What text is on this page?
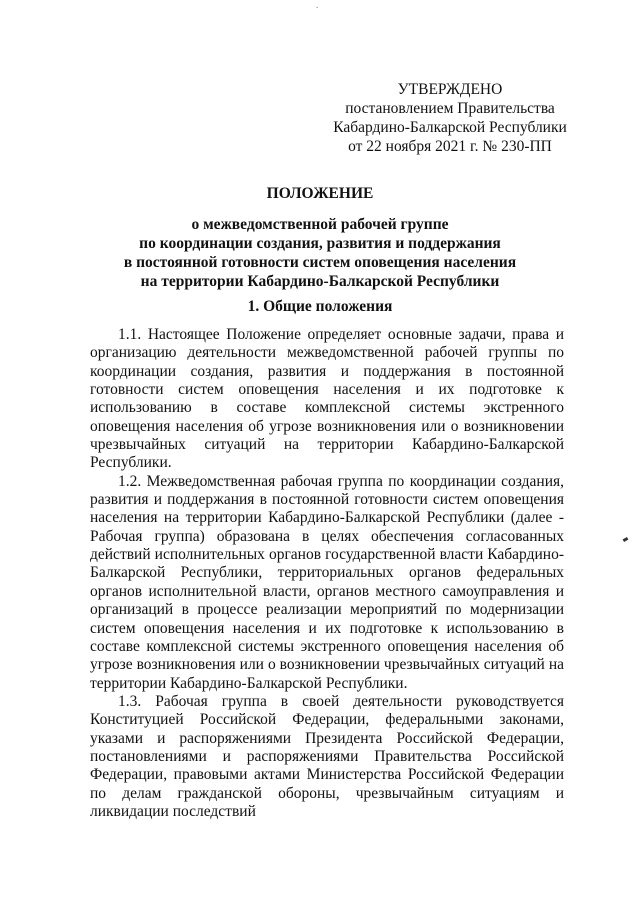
.
УТВЕРЖДЕНО
постановлением Правительства
Кабардино-Балкарской Республики
от 22 ноября 2021 г. № 230-ПП
ПОЛОЖЕНИЕ
о межведомственной рабочей группе
по координации создания, развития и поддержания
в постоянной готовности систем оповещения населения
на территории Кабардино-Балкарской Республики
1. Общие положения

1.1. Настоящее Положение определяет основные задачи, права и организацию деятельности межведомственной рабочей группы по координации создания, развития и поддержания в постоянной готовности систем оповещения населения и их подготовке к использованию в составе комплексной системы экстренного оповещения населения об угрозе возникновения или о возникновении чрезвычайных ситуаций на территории Кабардино-Балкарской Республики.

1.2. Межведомственная рабочая группа по координации создания, развития и поддержания в постоянной готовности систем оповещения населения на территории Кабардино-Балкарской Республики (далее - Рабочая группа) образована в целях обеспечения согласованных действий исполнительных органов государственной власти Кабардино-Балкарской Республики, территориальных органов федеральных органов исполнительной власти, органов местного самоуправления и организаций в процессе реализации мероприятий по модернизации систем оповещения населения и их подготовке к использованию в составе комплексной системы экстренного оповещения населения об угрозе возникновения или о возникновении чрезвычайных ситуаций на территории Кабардино-Балкарской Республики.

1.3. Рабочая группа в своей деятельности руководствуется Конституцией Российской Федерации, федеральными законами, указами и распоряжениями Президента Российской Федерации, постановлениями и распоряжениями Правительства Российской Федерации, правовыми актами Министерства Российской Федерации по делам гражданской обороны, чрезвычайным ситуациям и ликвидации последствий
